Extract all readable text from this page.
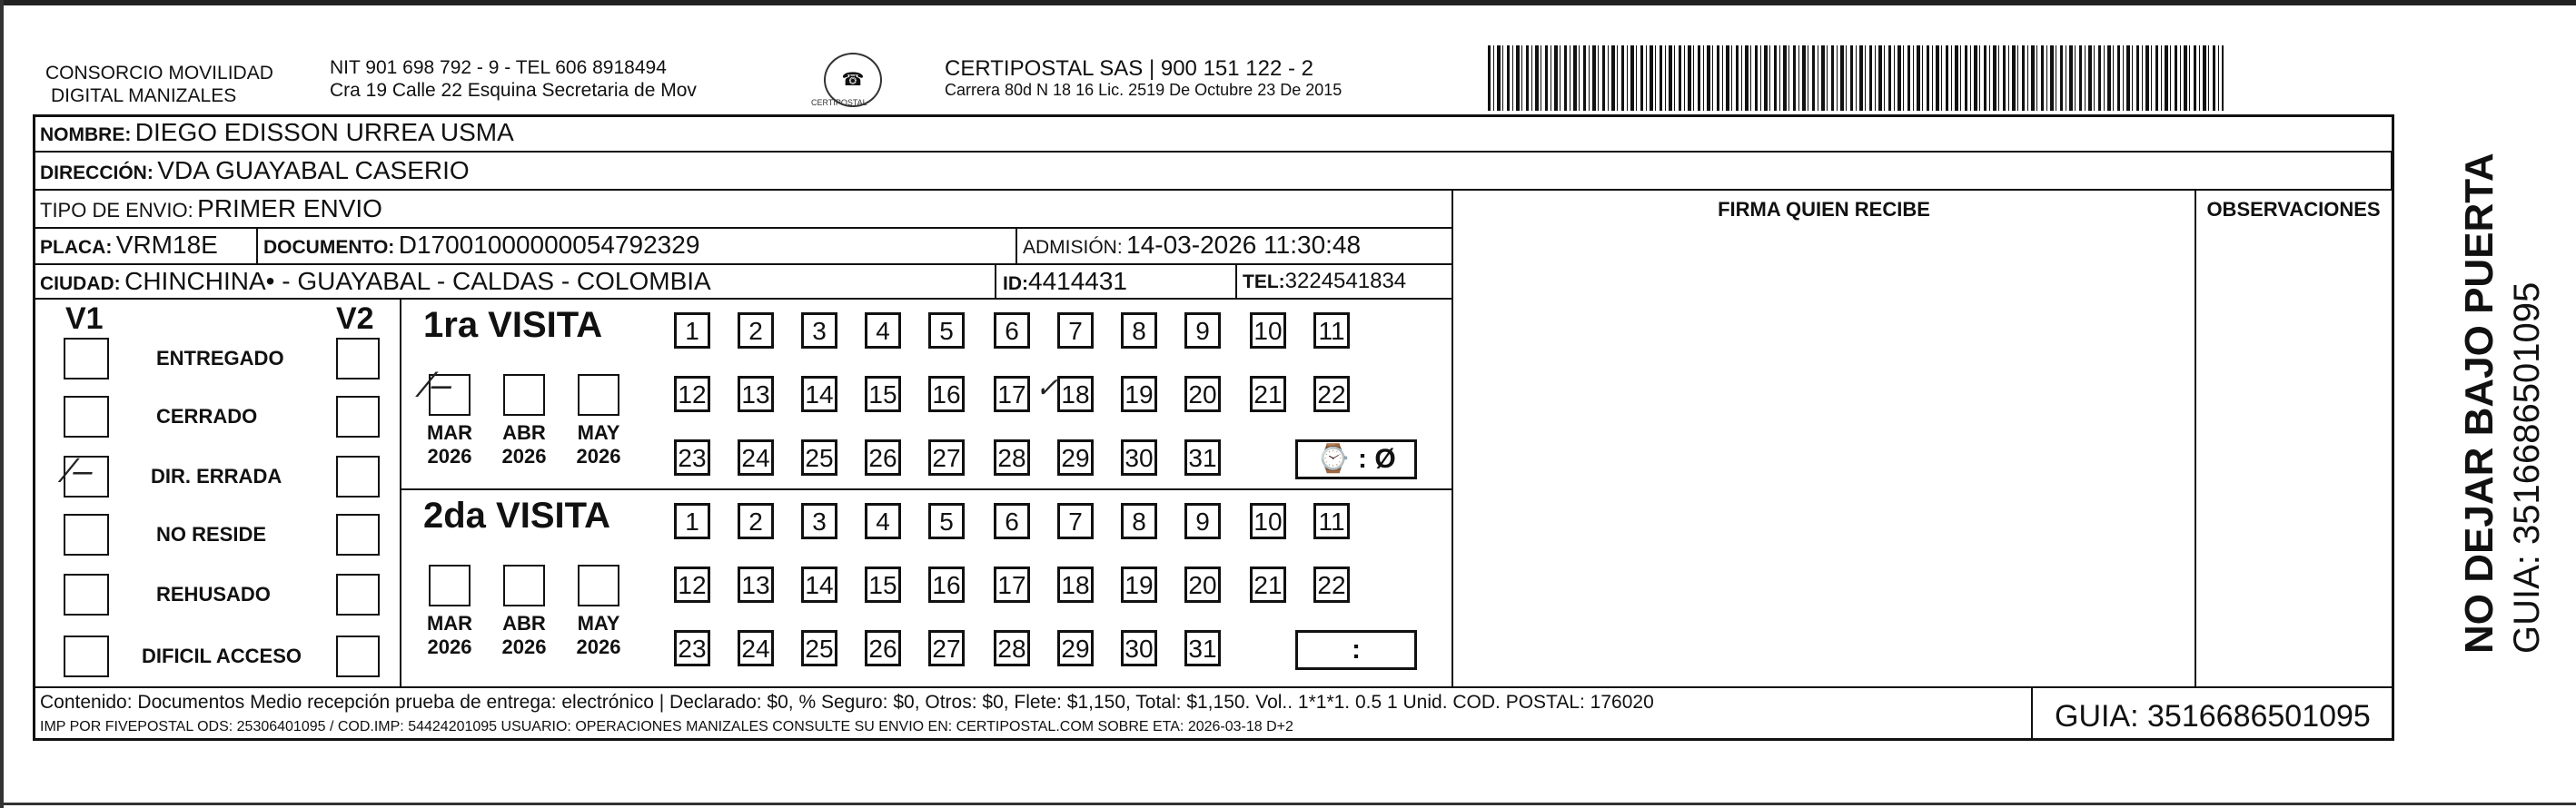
CONSORCIO MOVILIDAD
DIGITAL MANIZALES
NIT 901 698 792 - 9 - TEL 606 8918494
Cra 19 Calle 22 Esquina Secretaria de Mov	☎
CERTIPOSTAL
CERTIPOSTAL SAS | 900 151 122 - 2
Carrera 80d N 18 16 Lic. 2519 De Octubre 23 De 2015
NOMBRE: DIEGO EDISSON URREA USMA
DIRECCIÓN: VDA GUAYABAL CASERIO
TIPO DE ENVIO: PRIMER ENVIO	FIRMA QUIEN RECIBE	OBSERVACIONES
PLACA: VRM18E DOCUMENTO: D17001000000054792329	ADMISIÓN: 14-03-2026 11:30:48
CIUDAD: CHINCHINA• - GUAYABAL - CALDAS - COLOMBIA	ID:4414431	TEL:3224541834
V1	V2
ENTREGADO
CERRADO
DIR. ERRADA
NO RESIDE
REHUSADO
DIFICIL ACCESO
1ra VISITA
MAR
2026
ABR
2026
MAY
2026
1	2	3	4	5	6	7	8	9	10 11
12 13 14 15 16 17 18 19 20 21 22
23 24 25 26 27 28 29 30 31	⌚ : Ø
2da VISITA
MAR
2026
ABR
2026
MAY
2026
1	2	3	4	5	6	7	8	9	10 11
12 13 14 15 16 17 18 19 20 21 22
23 24 25 26 27 28 29 30 31	:
⁄–
⁄‒	✓
Contenido: Documentos Medio recepción prueba de entrega: electrónico | Declarado: $0, % Seguro: $0, Otros: $0, Flete: $1,150, Total: $1,150. Vol.. 1*1*1. 0.5 1 Unid. COD. POSTAL: 176020
IMP POR FIVEPOSTAL ODS: 25306401095 / COD.IMP: 54424201095 USUARIO: OPERACIONES MANIZALES CONSULTE SU ENVIO EN: CERTIPOSTAL.COM SOBRE ETA: 2026-03-18 D+2	GUIA: 3516686501095
NO DEJAR BAJO PUERTA GUIA: 3516686501095
